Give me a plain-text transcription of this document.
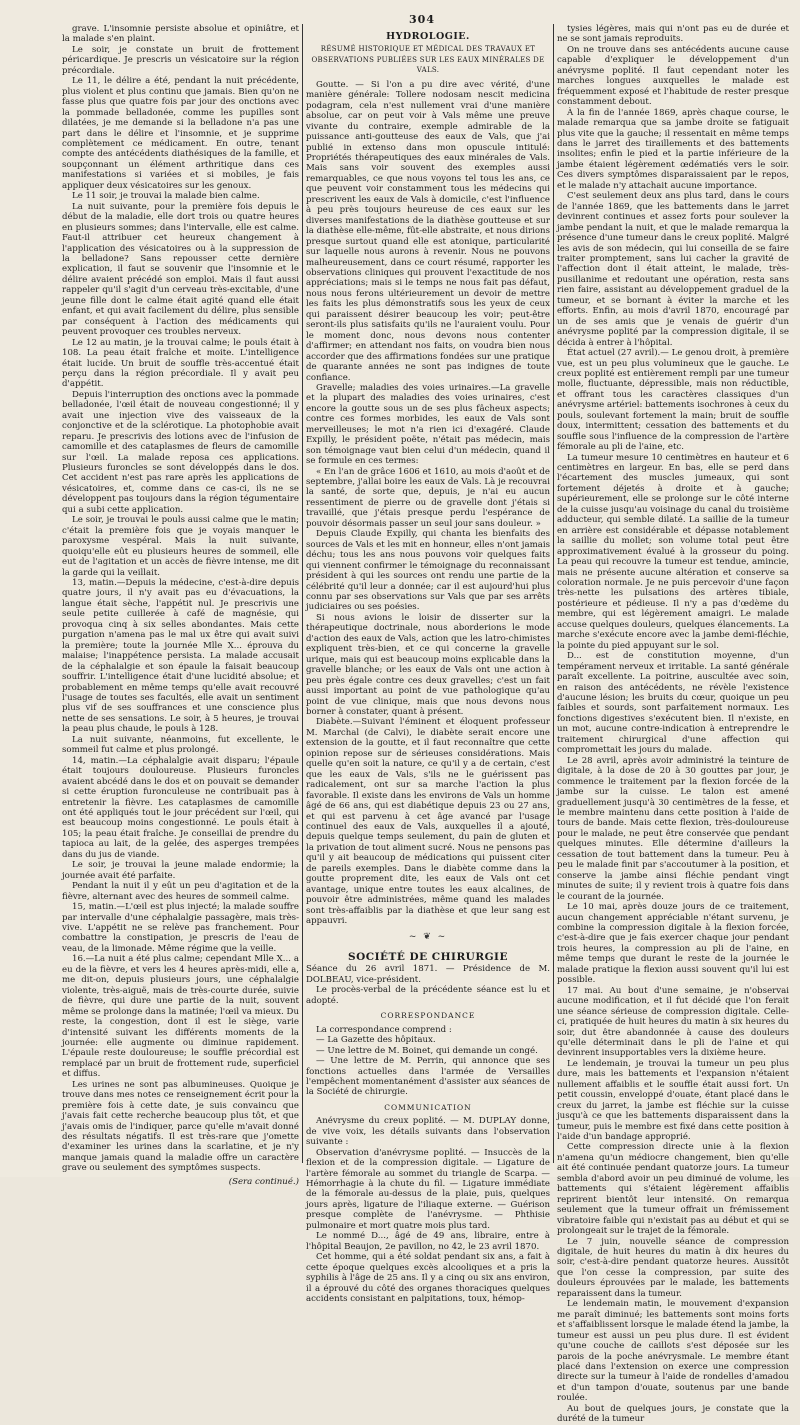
304

grave. L'insomnie persiste absolue et opiniâtre, et la malade s'en plaint.

Le soir, je constate un bruit de frottement péricardique. Je prescris un vésicatoire sur la région précordiale.

Le 11, le délire a été, pendant la nuit précédente, plus violent et plus continu que jamais. Bien qu'on ne fasse plus que quatre fois par jour des onctions avec la pommade belladonée, comme les pupilles sont dilatées, je me demande si la belladone n'a pas une part dans le délire et l'insomnie, et je supprime complètement ce médicament. En outre, tenant compte des antécédents diathésiques de la famille, et soupçonnant un élément arthritique dans ces manifestations si variées et si mobiles, je fais appliquer deux vésicatoires sur les genoux.

Le 11 soir, je trouvai la malade bien calme.

La nuit suivante, pour la première fois depuis le début de la maladie, elle dort trois ou quatre heures en plusieurs sommes; dans l'intervalle, elle est calme. Faut-il attribuer cet heureux changement à l'application des vésicatoires ou à la suppression de la belladone? Sans repousser cette dernière explication, il faut se souvenir que l'insomnie et le délire avaient précédé son emploi. Mais il faut aussi rappeler qu'il s'agit d'un cerveau très-excitable, d'une jeune fille dont le calme était agité quand elle était enfant, et qui avait facilement du délire, plus sensible par conséquent à l'action des médicaments qui peuvent provoquer ces troubles nerveux.

Le 12 au matin, je la trouvai calme; le pouls était à 108. La peau était fraîche et moite. L'intelligence était lucide. Un bruit de souffle très-accentué était perçu dans la région précordiale. Il y avait peu d'appétit.

Depuis l'interruption des onctions avec la pommade belladonée, l'œil était de nouveau congestionné; il y avait une injection vive des vaisseaux de la conjonctive et de la sclérotique. La photophobie avait reparu. Je prescrivis des lotions avec de l'infusion de camomille et des cataplasmes de fleurs de camomille sur l'œil. La malade reposa ces applications. Plusieurs furoncles se sont développés dans le dos. Cet accident n'est pas rare après les applications de vésicatoires, et, comme dans ce cas-ci, ils ne se développent pas toujours dans la région tégumentaire qui a subi cette application.

Le soir, je trouvai le pouls aussi calme que le matin; c'était la première fois que je voyais manquer le paroxysme vespéral. Mais la nuit suivante, quoiqu'elle eût eu plusieurs heures de sommeil, elle eut de l'agitation et un accès de fièvre intense, me dit la garde qui la veillait.

13, matin.—Depuis la médecine, c'est-à-dire depuis quatre jours, il n'y avait pas eu d'évacuations, la langue était sèche, l'appétit nul. Je prescrivis une seule petite cuillerée à café de magnésie, qui provoqua cinq à six selles abondantes. Mais cette purgation n'amena pas le mal ux être qui avait suivi la première; toute la journée Mlle X... éprouva du malaise; l'inappétence persista. La malade accusait de la céphalalgie et son épaule la faisait beaucoup souffrir. L'intelligence était d'une lucidité absolue; et probablement en même temps qu'elle avait recouvré l'usage de toutes ses facultés, elle avait un sentiment plus vif de ses souffrances et une conscience plus nette de ses sensations. Le soir, à 5 heures, je trouvai la peau plus chaude, le pouls à 128.

La nuit suivante, néanmoins, fut excellente, le sommeil fut calme et plus prolongé.

14, matin.—La céphalalgie avait disparu; l'épaule était toujours douloureuse. Plusieurs furoncles avaient abcédé dans le dos et on pouvait se demander si cette éruption furonculeuse ne contribuait pas à entretenir la fièvre. Les cataplasmes de camomille ont été appliqués tout le jour précédent sur l'œil, qui est beaucoup moins congestionné. Le pouls était à 105; la peau était fraîche. Je conseillai de prendre du tapioca au lait, de la gelée, des asperges trempées dans du jus de viande.

Le soir, je trouvai la jeune malade endormie; la journée avait été parfaite.

Pendant la nuit il y eût un peu d'agitation et de la fièvre, alternant avec des heures de sommeil calme.

15, matin.—L'œil est plus injecté; la malade souffre par intervalle d'une céphalalgie passagère, mais très-vive. L'appétit ne se relève pas franchement. Pour combattre la constipation, je prescris de l'eau de veau, de la limonade. Même régime que la veille.

16.—La nuit a été plus calme; cependant Mlle X... a eu de la fièvre, et vers les 4 heures après-midi, elle a, me dit-on, depuis plusieurs jours, une céphalalgie violente, très-aiguë, mais de très-courte durée, suivie de fièvre, qui dure une partie de la nuit, souvent même se prolonge dans la matinée; l'œil va mieux. Du reste, la congestion, dont il est le siège, varie d'intensité suivant les différents moments de la journée: elle augmente ou diminue rapidement. L'épaule reste douloureuse; le souffle précordial est remplacé par un bruit de frottement rude, superficiel et diffus.

Les urines ne sont pas albumineuses. Quoique je trouve dans mes notes ce renseignement écrit pour la première fois à cette date, je suis convaincu que j'avais fait cette recherche beaucoup plus tôt, et que j'avais omis de l'indiquer, parce qu'elle m'avait donné des résultats négatifs. Il est très-rare que j'omette d'examiner les urines dans la scarlatine, et je n'y manque jamais quand la maladie offre un caractère grave ou seulement des symptômes suspects.

(Sera continué.)
HYDROLOGIE.
RÉSUMÉ HISTORIQUE ET MÉDICAL DES TRAVAUX ET OBSERVATIONS PUBLIÉES SUR LES EAUX MINÉRALES DE VALS.

Goutte. — Si l'on a pu dire avec vérité, d'une manière générale: Tollere nodosam nescit medicina podagram, cela n'est nullement vrai d'une manière absolue, car on peut voir à Vals même une preuve vivante du contraire, exemple admirable de la puissance anti-goutteuse des eaux de Vals, que j'ai publié in extenso dans mon opuscule intitulé: Propriétés thérapeutiques des eaux minérales de Vals. Mais sans voir souvent des exemples aussi remarquables, ce que nous voyons tel tous les ans, ce que peuvent voir constamment tous les médecins qui prescrivent les eaux de Vals à domicile, c'est l'influence à peu près toujours heureuse de ces eaux sur les diverses manifestations de la diathèse goutteuse et sur la diathèse elle-même, fût-elle abstraite, et nous dirions presque surtout quand elle est atonique, particularité sur laquelle nous aurons à revenir. Nous ne pouvons malheureusement, dans ce court résumé, rapporter les observations cliniques qui prouvent l'exactitude de nos appréciations; mais si le temps ne nous fait pas défaut, nous nous ferons ultérieurement un devoir de mettre les faits les plus démonstratifs sous les yeux de ceux qui paraissent désirer beaucoup les voir; peut-être seront-ils plus satisfaits qu'ils ne l'auraient voulu. Pour le moment donc, nous devons nous contenter d'affirmer; en attendant nos faits, on voudra bien nous accorder que des affirmations fondées sur une pratique de quarante années ne sont pas indignes de toute confiance.

Gravelle; maladies des voies urinaires.—La gravelle et la plupart des maladies des voies urinaires, c'est encore la goutte sous un de ses plus fâcheux aspects; contre ces formes morbides, les eaux de Vals sont merveilleuses; le mot n'a rien ici d'exagéré. Claude Expilly, le président poëte, n'était pas médecin, mais son témoignage vaut bien celui d'un médecin, quand il se formule en ces termes:

« En l'an de grâce 1606 et 1610, au mois d'août et de septembre, j'allai boire les eaux de Vals. Là je recouvrai la santé, de sorte que, depuis, je n'ai eu aucun ressentiment de pierre ou de gravelle dont j'étais si travaillé, que j'étais presque perdu l'espérance de pouvoir désormais passer un seul jour sans douleur. »

Depuis Claude Expilly, qui chanta les bienfaits des sources de Vals et les mit en honneur, elles n'ont jamais déchu; tous les ans nous pouvons voir quelques faits qui viennent confirmer le témoignage du reconnaissant président à qui les sources ont rendu une partie de la célébrité qu'il leur a donnée; car il est aujourd'hui plus connu par ses observations sur Vals que par ses arrêts judiciaires ou ses poésies.

Si nous avions le loisir de disserter sur la thérapeutique doctrinale, nous aborderions le mode d'action des eaux de Vals, action que les latro-chimistes expliquent très-bien, et ce qui concerne la gravelle urique, mais qui est beaucoup moins explicable dans la gravelle blanche; or les eaux de Vals ont une action à peu près égale contre ces deux gravelles; c'est un fait aussi important au point de vue pathologique qu'au point de vue clinique, mais que nous devons nous borner à constater, quant à présent.

Diabète.—Suivant l'éminent et éloquent professeur M. Marchal (de Calvi), le diabète serait encore une extension de la goutte, et il faut reconnaître que cette opinion repose sur de sérieuses considérations. Mais quelle qu'en soit la nature, ce qu'il y a de certain, c'est que les eaux de Vals, s'ils ne le guérissent pas radicalement, ont sur sa marche l'action la plus favorable. Il existe dans les environs de Vals un homme âgé de 66 ans, qui est diabétique depuis 23 ou 27 ans, et qui est parvenu à cet âge avancé par l'usage continuel des eaux de Vals, auxquelles il a ajouté, depuis quelque temps seulement, du pain de gluten et la privation de tout aliment sucré. Nous ne pensons pas qu'il y ait beaucoup de médications qui puissent citer de pareils exemples. Dans le diabète comme dans la goutte proprement dite, les eaux de Vals ont cet avantage, unique entre toutes les eaux alcalines, de pouvoir être administrées, même quand les malades sont très-affaiblis par la diathèse et que leur sang est appauvri.

~ ❦ ~
SOCIÉTÉ DE CHIRURGIE

Séance du 26 avril 1871. — Présidence de M. DOLBEAU, vice-président.

Le procès-verbal de la précédente séance est lu et adopté.

CORRESPONDANCE

La correspondance comprend :

— La Gazette des hôpitaux.

— Une lettre de M. Boinet, qui demande un congé.

— Une lettre de M. Perrin, qui annonce que ses fonctions actuelles dans l'armée de Versailles l'empêchent momentanément d'assister aux séances de la Société de chirurgie.

COMMUNICATION

Anévrysme du creux poplité. — M. DUPLAY donne, de vive voix, les détails suivants dans l'observation suivante :

Observation d'anévrysme poplité. — Insuccès de la flexion et de la compression digitale. — Ligature de l'artère fémorale au sommet du triangle de Scarpa. — Hémorrhagie à la chute du fil. — Ligature immédiate de la fémorale au-dessus de la plaie, puis, quelques jours après, ligature de l'iliaque externe. — Guérison presque complète de l'anévrysme. — Phthisie pulmonaire et mort quatre mois plus tard.

Le nommé D..., âgé de 49 ans, libraire, entre à l'hôpital Beaujon, 2e pavillon, no 42, le 23 avril 1870.

Cet homme, qui a été soldat pendant six ans, a fait à cette époque quelques excès alcooliques et a pris la syphilis à l'âge de 25 ans. Il y a cinq ou six ans environ, il a éprouvé du côté des organes thoraciques quelques accidents consistant en palpitations, toux, hémop-

tysies légères, mais qui n'ont pas eu de durée et ne se sont jamais reproduits.

On ne trouve dans ses antécédents aucune cause capable d'expliquer le développement d'un anévrysme poplité. Il faut cependant noter les marches longues auxquelles le malade est fréquemment exposé et l'habitude de rester presque constamment debout.

À la fin de l'année 1869, après chaque course, le malade remarqua que sa jambe droite se fatiguait plus vite que la gauche; il ressentait en même temps dans le jarret des tiraillements et des battements insolites; enfin le pied et la partie inférieure de la jambe étaient légèrement œdématiés vers le soir. Ces divers symptômes disparaissaient par le repos, et le malade n'y attachait aucune importance.

C'est seulement deux ans plus tard, dans le cours de l'année 1869, que les battements dans le jarret devinrent continues et assez forts pour soulever la jambe pendant la nuit, et que le malade remarqua la présence d'une tumeur dans le creux poplité. Malgré les avis de son médecin, qui lui conseilla de se faire traiter promptement, sans lui cacher la gravité de l'affection dont il était atteint, le malade, très-pusillanime et redoutant une opération, resta sans rien faire, assistant au développement graduel de la tumeur, et se bornant à éviter la marche et les efforts. Enfin, au mois d'avril 1870, encouragé par un de ses amis que je venais de guérir d'un anévrysme poplité par la compression digitale, il se décida à entrer à l'hôpital.

État actuel (27 avril).— Le genou droit, à première vue, est un peu plus volumineux que le gauche. Le creux poplité est entièrement rempli par une tumeur molle, fluctuante, dépressible, mais non réductible, et offrant tous les caractères classiques d'un anévrysme artériel: battements isochrones à ceux du pouls, soulevant fortement la main; bruit de souffle doux, intermittent; cessation des battements et du souffle sous l'influence de la compression de l'artère fémorale au pli de l'aine, etc.

La tumeur mesure 10 centimètres en hauteur et 6 centimètres en largeur. En bas, elle se perd dans l'écartement des muscles jumeaux, qui sont fortement déjetés à droite et à gauche; supérieurement, elle se prolonge sur le côté interne de la cuisse jusqu'au voisinage du canal du troisième adducteur, qui semble dilaté. La saillie de la tumeur en arrière est considérable et dépasse notablement la saillie du mollet; son volume total peut être approximativement évalué à la grosseur du poing. La peau qui recouvre la tumeur est tendue, amincie, mais ne présente aucune altération et conserve sa coloration normale. Je ne puis percevoir d'une façon très-nette les pulsations des artères tibiale, postérieure et pédieuse. Il n'y a pas d'œdème du membre, qui est légèrement amaigri. Le malade accuse quelques douleurs, quelques élancements. La marche s'exécute encore avec la jambe demi-fléchie, la pointe du pied appuyant sur le sol.

D... est de constitution moyenne, d'un tempérament nerveux et irritable. La santé générale paraît excellente. La poitrine, auscultée avec soin, en raison des antécédents, ne révèle l'existence d'aucune lésion; les bruits du cœur, quoique un peu faibles et sourds, sont parfaitement normaux. Les fonctions digestives s'exécutent bien. Il n'existe, en un mot, aucune contre-indication à entreprendre le traitement chirurgical d'une affection qui compromettait les jours du malade.

Le 28 avril, après avoir administré la teinture de digitale, à la dose de 20 à 30 gouttes par jour, je commence le traitement par la flexion forcée de la jambe sur la cuisse. Le talon est amené graduellement jusqu'à 30 centimètres de la fesse, et le membre maintenu dans cette position à l'aide de tours de bande. Mais cette flexion, très-douloureuse pour le malade, ne peut être conservée que pendant quelques minutes. Elle détermine d'ailleurs la cessation de tout battement dans la tumeur. Peu à peu le malade finit par s'accoutumer à la position, et conserve la jambe ainsi fléchie pendant vingt minutes de suite; il y revient trois à quatre fois dans le courant de la journée.

Le 10 mai, après douze jours de ce traitement, aucun changement appréciable n'étant survenu, je combine la compression digitale à la flexion forcée, c'est-à-dire que je fais exercer chaque jour pendant trois heures, la compression au pli de l'aine, en même temps que durant le reste de la journée le malade pratique la flexion aussi souvent qu'il lui est possible.

17 mai. Au bout d'une semaine, je n'observai aucune modification, et il fut décidé que l'on ferait une séance sérieuse de compression digitale. Celle-ci, pratiquée de huit heures du matin à six heures du soir, dut être abandonnée à cause des douleurs qu'elle déterminait dans le pli de l'aine et qui devinrent insupportables vers la dixième heure.

Le lendemain, je trouvai la tumeur un peu plus dure, mais les battements et l'expansion n'étaient nullement affaiblis et le souffle était aussi fort. Un petit coussin, enveloppé d'ouate, étant placé dans le creux du jarret, la jambe est fléchie sur la cuisse jusqu'à ce que les battements disparaissent dans la tumeur, puis le membre est fixé dans cette position à l'aide d'un bandage approprié.

Cette compression directe unie à la flexion n'amena qu'un médiocre changement, bien qu'elle ait été continuée pendant quatorze jours. La tumeur sembla d'abord avoir un peu diminué de volume, les battements qui s'étaient légèrement affaiblis reprirent bientôt leur intensité. On remarqua seulement que la tumeur offrait un frémissement vibratoire faible qui n'existait pas au début et qui se prolongeait sur le trajet de la fémorale.

Le 7 juin, nouvelle séance de compression digitale, de huit heures du matin à dix heures du soir, c'est-à-dire pendant quatorze heures. Aussitôt que l'on cesse la compression, par suite des douleurs éprouvées par le malade, les battements reparaissent dans la tumeur.

Le lendemain matin, le mouvement d'expansion me paraît diminué; les battements sont moins forts et s'affaiblissent lorsque le malade étend la jambe, la tumeur est aussi un peu plus dure. Il est évident qu'une couche de caillots s'est déposée sur les parois de la poche anévrysmale. Le membre étant placé dans l'extension on exerce une compression directe sur la tumeur à l'aide de rondelles d'amadou et d'un tampon d'ouate, soutenus par une bande roulée.

Au bout de quelques jours, je constate que la durété de la tumeur
